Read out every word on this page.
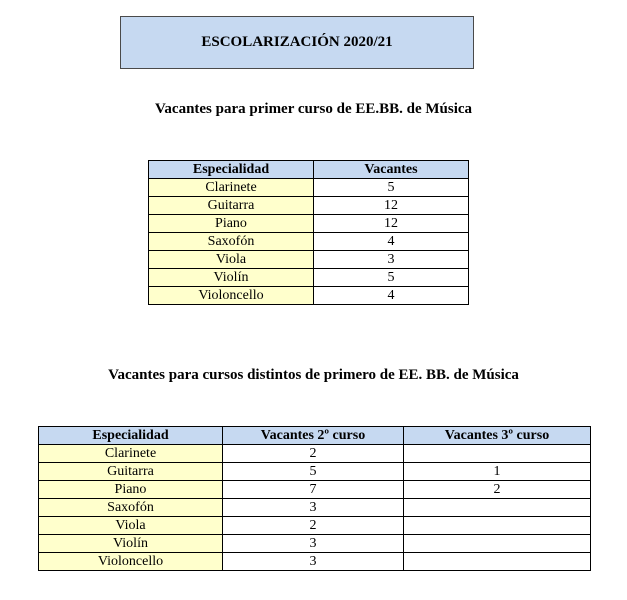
ESCOLARIZACIÓN 2020/21
Vacantes para primer curso de EE.BB. de Música
Especialidad	Vacantes
Clarinete	5
Guitarra	12
Piano	12
Saxofón	4
Viola	3
Violín	5
Violoncello	4
Vacantes para cursos distintos de primero de EE. BB. de Música
Especialidad	Vacantes 2º curso	Vacantes 3º curso
Clarinete	2	
Guitarra	5	1
Piano	7	2
Saxofón	3	
Viola	2	
Violín	3	
Violoncello	3	
